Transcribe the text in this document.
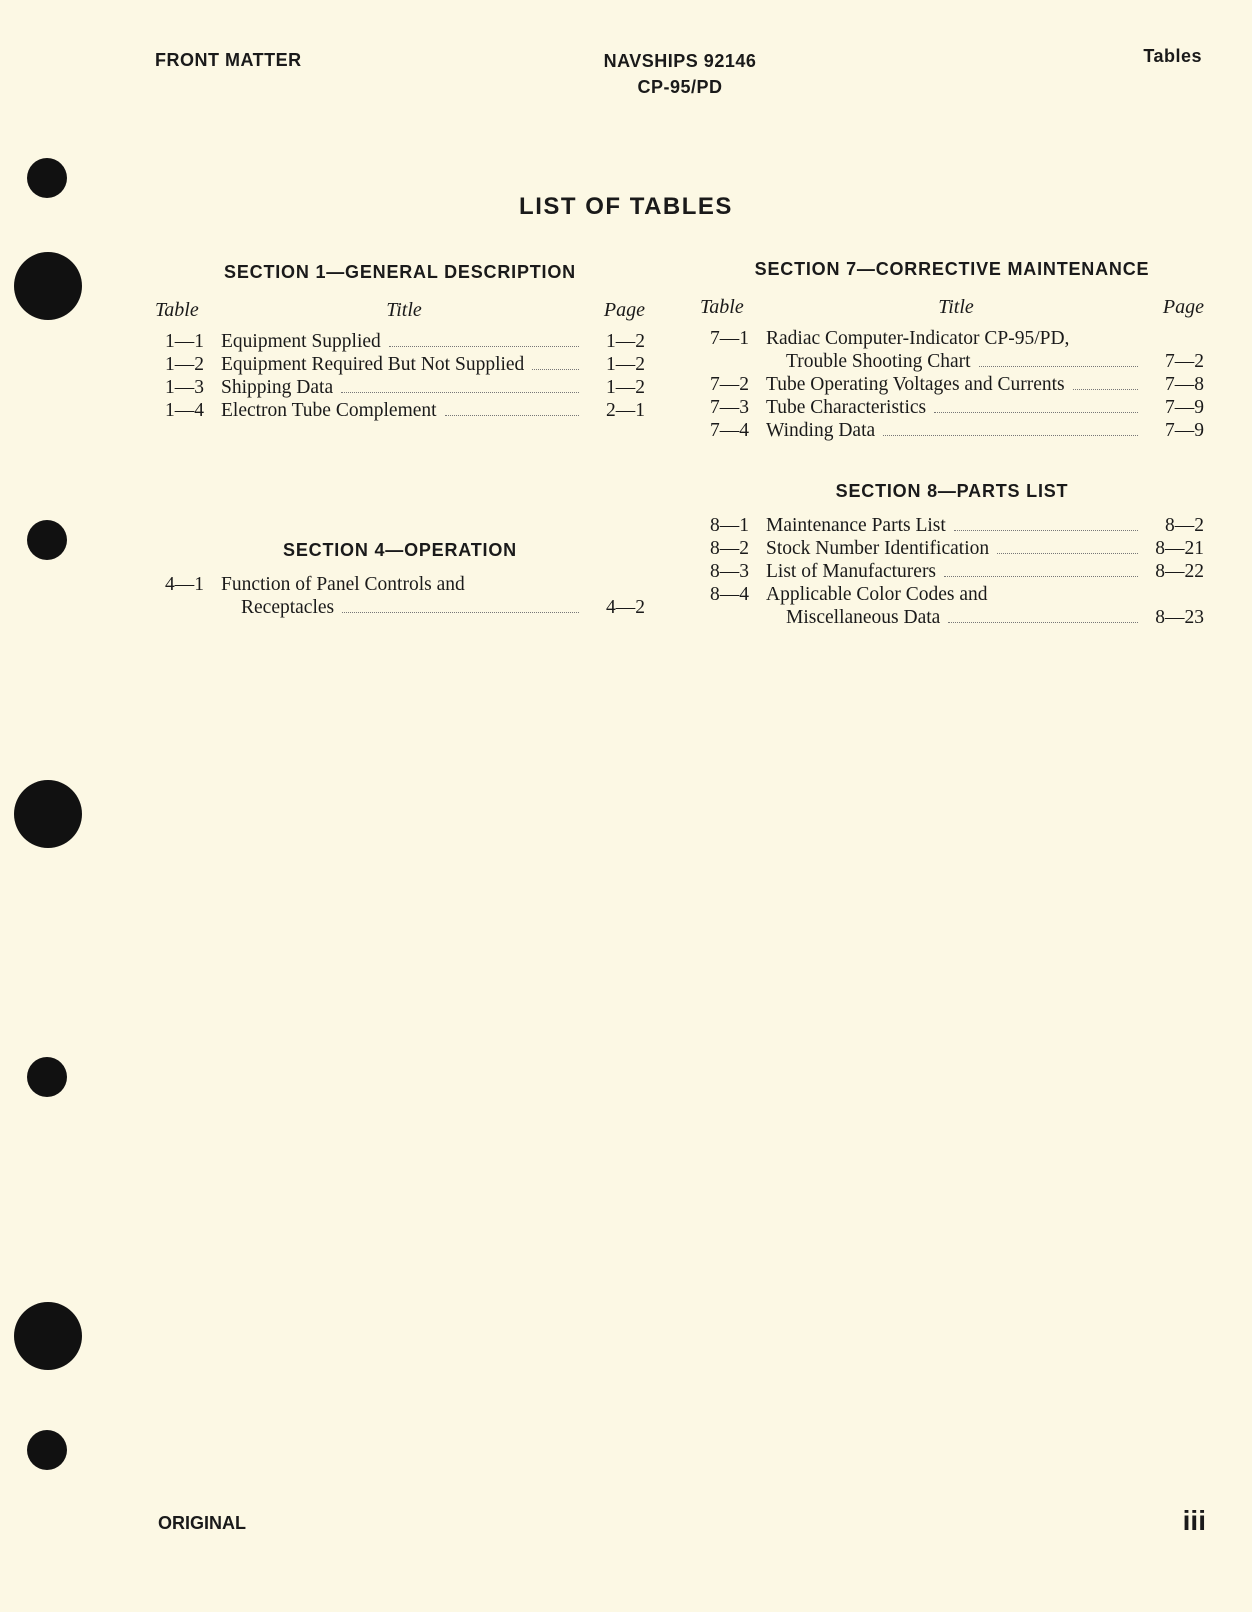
FRONT MATTER	NAVSHIPS 92146
CP-95/PD
Tables
LIST OF TABLES
SECTION 1—GENERAL DESCRIPTION
Table	Title	Page
1—1 Equipment Supplied	1—2
1—2 Equipment Required But Not Supplied	1—2
1—3 Shipping Data	1—2
1—4 Electron Tube Complement	2—1
SECTION 4—OPERATION
4—1 Function of Panel Controls and
Receptacles	4—2
SECTION 7—CORRECTIVE MAINTENANCE
Table	Title	Page
7—1 Radiac Computer-Indicator CP-95/PD,
Trouble Shooting Chart	7—2
7—2 Tube Operating Voltages and Currents	7—8
7—3 Tube Characteristics	7—9
7—4 Winding Data	7—9
SECTION 8—PARTS LIST
8—1 Maintenance Parts List	8—2
8—2 Stock Number Identification	8—21
8—3 List of Manufacturers	8—22
8—4 Applicable Color Codes and
Miscellaneous Data	8—23
ORIGINAL	iii
